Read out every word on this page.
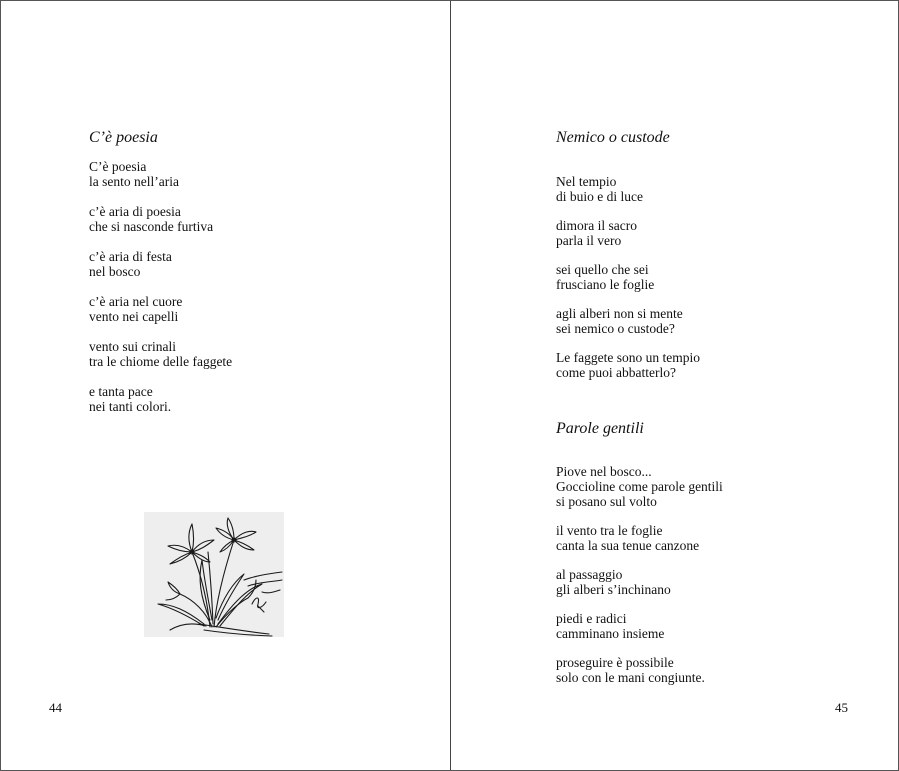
C’è poesia

C’è poesia
la sento nell’aria

c’è aria di poesia
che si nasconde furtiva

c’è aria di festa
nel bosco

c’è aria nel cuore
vento nei capelli

vento sui crinali
tra le chiome delle faggete

e tanta pace
nei tanti colori.

44
Nemico o custode

Nel tempio
di buio e di luce

dimora il sacro
parla il vero

sei quello che sei
frusciano le foglie

agli alberi non si mente
sei nemico o custode?

Le faggete sono un tempio
come puoi abbatterlo?

Parole gentili

Piove nel bosco...
Goccioline come parole gentili
si posano sul volto

il vento tra le foglie
canta la sua tenue canzone

al passaggio
gli alberi s’inchinano

piedi e radici
camminano insieme

proseguire è possibile
solo con le mani congiunte.

45
